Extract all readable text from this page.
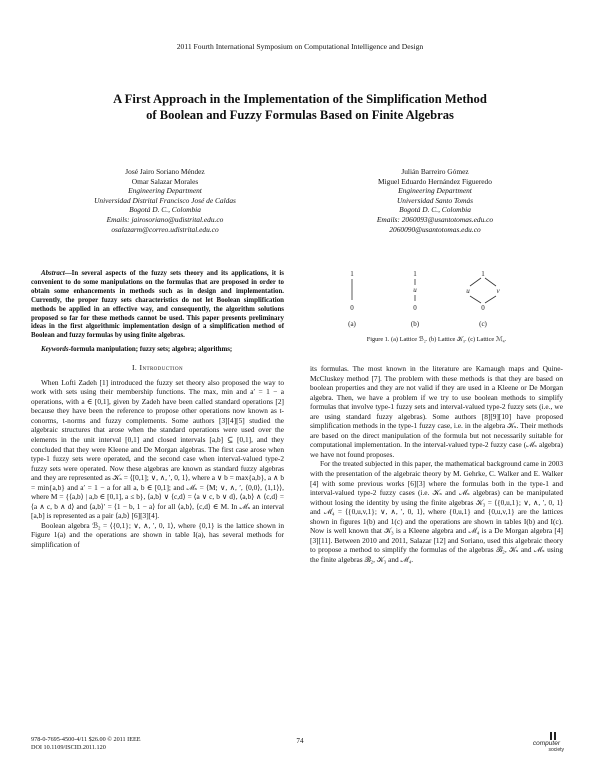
2011 Fourth International Symposium on Computational Intelligence and Design
A First Approach in the Implementation of the Simplification Method
of Boolean and Fuzzy Formulas Based on Finite Algebras
José Jairo Soriano Méndez
Omar Salazar Morales
Engineering Department
Universidad Distrital Francisco José de Caldas
Bogotá D. C., Colombia
Emails: jairosoriano@udistrital.edu.co
osalazarm@correo.udistrital.edu.co
Julián Barreiro Gómez
Miguel Eduardo Hernández Figueredo
Engineering Department
Universidad Santo Tomás
Bogotá D. C., Colombia
Emails: 2060093@usantotomas.edu.co
2060090@usantotomas.edu.co

Abstract—In several aspects of the fuzzy sets theory and its applications, it is convenient to do some manipulations on the formulas that are proposed in order to obtain some enhancements in methods such as in design and implementation. Currently, the proper fuzzy sets characteristics do not let Boolean simplification methods be applied in an effective way, and consequently, the algorithm solutions proposed so far for these methods cannot be used. This paper presents preliminary ideas in the first algorithmic implementation design of a simplification method of Boolean and fuzzy formulas by using finite algebras.

Keywords-formula manipulation; fuzzy sets; algebra; algorithms;

I. Introduction

When Lofti Zadeh [1] introduced the fuzzy set theory also proposed the way to work with sets using their membership functions. The max, min and a′ = 1 − a operations, with a ∈ [0,1], given by Zadeh have been called standard operations [2] because they have been the reference to propose other operations now known as t-conorms, t-norms and fuzzy complements. Some authors [3][4][5] studied the algebraic structures that arose when the standard operations were used over the elements in the unit interval [0,1] and closed intervals [a,b] ⊆ [0,1], and they concluded that they were Kleene and De Morgan algebras. The first case arose when type-1 fuzzy sets were operated, and the second case when interval-valued type-2 fuzzy sets were operated. Now these algebras are known as standard fuzzy algebras and they are represented as 𝒦ₛ = ⟨[0,1]; ∨, ∧, ′, 0, 1⟩, where a ∨ b = max{a,b}, a ∧ b = min{a,b} and a′ = 1 − a for all a, b ∈ [0,1]; and ℳₛ = ⟨M; ∨, ∧, ′, ⟨0,0⟩, ⟨1,1⟩⟩, where M = {⟨a,b⟩ | a,b ∈ [0,1], a ≤ b}, ⟨a,b⟩ ∨ ⟨c,d⟩ = ⟨a ∨ c, b ∨ d⟩, ⟨a,b⟩ ∧ ⟨c,d⟩ = ⟨a ∧ c, b ∧ d⟩ and ⟨a,b⟩′ = ⟨1 − b, 1 − a⟩ for all ⟨a,b⟩, ⟨c,d⟩ ∈ M. In ℳₛ an interval [a,b] is represented as a pair ⟨a,b⟩ [6][3][4].

Boolean algebra ℬ₂ = ⟨{0,1}; ∨, ∧, ′, 0, 1⟩, where {0,1} is the lattice shown in Figure 1(a) and the operations are shown in table I(a), has several methods for simplification of

1
0
(a)
1
u
0
(b)
1
u	v
0
(c)
Figure 1. (a) Lattice ℬ₂. (b) Lattice 𝒦₃. (c) Lattice ℳ₄.

its formulas. The most known in the literature are Karnaugh maps and Quine-McCluskey method [7]. The problem with these methods is that they are based on boolean properties and they are not valid if they are used in a Kleene or De Morgan algebra. Then, we have a problem if we try to use boolean methods to simplify formulas that involve type-1 fuzzy sets and interval-valued type-2 fuzzy sets (i.e., we are using standard fuzzy algebras). Some authors [8][9][10] have proposed simplification methods in the type-1 fuzzy case, i.e. in the algebra 𝒦ₛ. Their methods are based on the direct manipulation of the formula but not necessarily suitable for computational implementation. In the interval-valued type-2 fuzzy case (ℳₛ algebra) we have not found proposes.

For the treated subjected in this paper, the mathematical background came in 2003 with the presentation of the algebraic theory by M. Gehrke, C. Walker and E. Walker [4] with some previous works [6][3] where the formulas both in the type-1 and interval-valued type-2 fuzzy cases (i.e. 𝒦ₛ and ℳₛ algebras) can be manipulated without losing the identity by using the finite algebras 𝒦₃ = ⟨{0,u,1}; ∨, ∧, ′, 0, 1⟩ and ℳ₄ = ⟨{0,u,v,1}; ∨, ∧, ′, 0, 1⟩, where {0,u,1} and {0,u,v,1} are the lattices shown in figures 1(b) and 1(c) and the operations are shown in tables I(b) and I(c). Now is well known that 𝒦₃ is a Kleene algebra and ℳ₄ is a De Morgan algebra [4][3][11]. Between 2010 and 2011, Salazar [12] and Soriano, used this algebraic theory to propose a method to simplify the formulas of the algebras ℬ₂, 𝒦ₛ and ℳₛ using the finite algebras ℬ₂, 𝒦₃ and ℳ₄.

978-0-7695-4500-4/11 $26.00 © 2011 IEEE
DOI 10.1109/ISCID.2011.120
74	computer
society
